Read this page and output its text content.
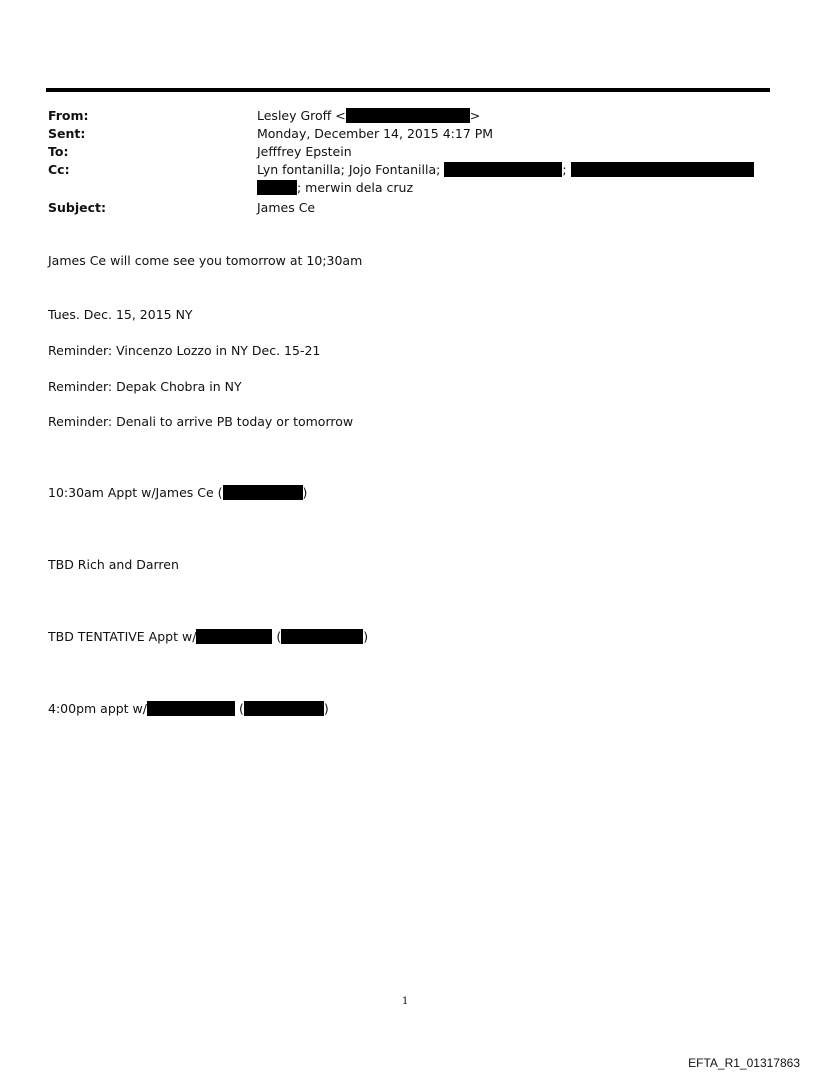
From:	Lesley Groff <	>
Sent:	Monday, December 14, 2015 4:17 PM
To:	Jefffrey Epstein
Cc:	Lyn fontanilla; Jojo Fontanilla;	;
; merwin dela cruz
Subject:	James Ce
James Ce will come see you tomorrow at 10;30am
Tues. Dec. 15, 2015 NY
Reminder: Vincenzo Lozzo in NY Dec. 15-21
Reminder: Depak Chobra in NY
Reminder: Denali to arrive PB today or tomorrow
10:30am Appt w/James Ce (	)
TBD Rich and Darren
TBD TENTATIVE Appt w/	(	)
4:00pm appt w/	(	)
1
EFTA_R1_01317863
